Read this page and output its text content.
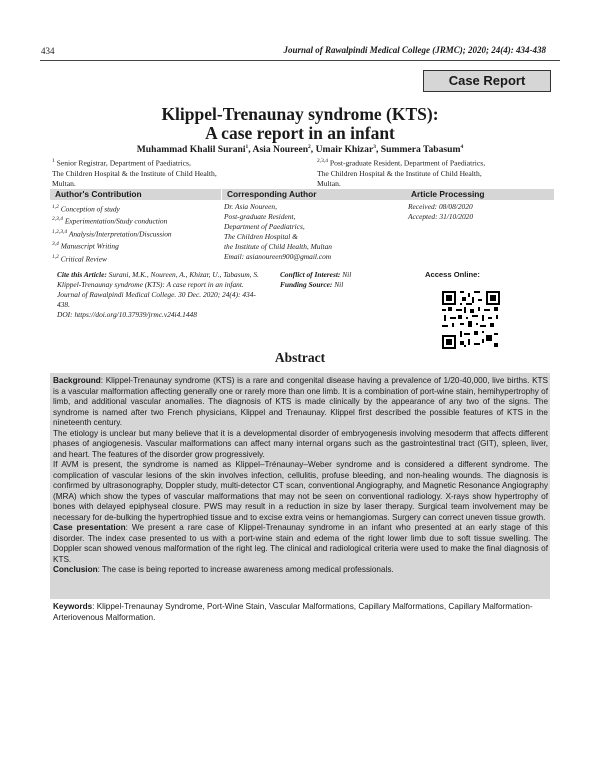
434	Journal of Rawalpindi Medical College (JRMC); 2020; 24(4): 434-438
Case Report
Klippel-Trenaunay syndrome (KTS):
A case report in an infant
Muhammad Khalil Surani$^1$, Asia Noureen$^2$, Umair Khizar$^3$, Summera Tabasum$^4$
$^1$ Senior Registrar, Department of Paediatrics,
The Children Hospital & the Institute of Child Health,
Multan.
$^{2,3,4}$ Post-graduate Resident, Department of Paediatrics,
The Children Hospital & the Institute of Child Health,
Multan.
Author's Contribution	Corresponding Author	Article Processing
$^{1,2}$ Conception of study
$^{2,3,4}$ Experimentation/Study conduction
$^{1,2,3,4}$ Analysis/Interpretation/Discussion
$^{3,4}$ Manuscript Writing
$^{1,2}$ Critical Review
Dr. Asia Noureen,
Post-graduate Resident,
Department of Paediatrics,
The Children Hospital &
the Institute of Child Health, Multan
Email: asianoureen900@gmail.com
Received: 08/08/2020
Accepted: 31/10/2020
Cite this Article: Surani, M.K., Noureen, A., Khizar, U., Tabasum, S. Klippel-Trenaunay syndrome (KTS): A case report in an infant. Journal of Rawalpindi Medical College. 30 Dec. 2020; 24(4): 434-438.
DOI: https://doi.org/10.37939/jrmc.v24i4.1448
Conflict of Interest: Nil
Funding Source: Nil
Access Online:
Abstract

Background: Klippel-Trenaunay syndrome (KTS) is a rare and congenital disease having a prevalence of 1/20-40,000, live births. KTS is a vascular malformation affecting generally one or rarely more than one limb. It is a combination of port-wine stain, hemihypertrophy of limb, and additional vascular anomalies. The diagnosis of KTS is made clinically by the appearance of any two of the signs. The syndrome is named after two French physicians, Klippel and Trenaunay. Klippel first described the possible features of KTS in the nineteenth century.

The etiology is unclear but many believe that it is a developmental disorder of embryogenesis involving mesoderm that affects different phases of angiogenesis. Vascular malformations can affect many internal organs such as the gastrointestinal tract (GIT), spleen, liver, and heart. The features of the disorder grow progressively.

If AVM is present, the syndrome is named as Klippel–Trénaunay–Weber syndrome and is considered a different syndrome. The complication of vascular lesions of the skin involves infection, cellulitis, profuse bleeding, and non-healing wounds. The diagnosis is confirmed by ultrasonography, Doppler study, multi-detector CT scan, conventional Angiography, and Magnetic Resonance Angiography (MRA) which show the types of vascular malformations that may not be seen on conventional radiology. X-rays show hypertrophy of bones with delayed epiphyseal closure. PWS may result in a reduction in size by laser therapy. Surgical team involvement may be necessary for de-bulking the hypertrophied tissue and to excise extra veins or hemangiomas. Surgery can correct uneven tissue growth.

Case presentation: We present a rare case of Klippel-Trenaunay syndrome in an infant who presented at an early stage of this disorder. The index case presented to us with a port-wine stain and edema of the right lower limb due to soft tissue swelling. The Doppler scan showed venous malformation of the right leg. The clinical and radiological criteria were used to make the final diagnosis of KTS.

Conclusion: The case is being reported to increase awareness among medical professionals.

Keywords: Klippel-Trenaunay Syndrome, Port-Wine Stain, Vascular Malformations, Capillary Malformations, Capillary Malformation-Arteriovenous Malformation.
